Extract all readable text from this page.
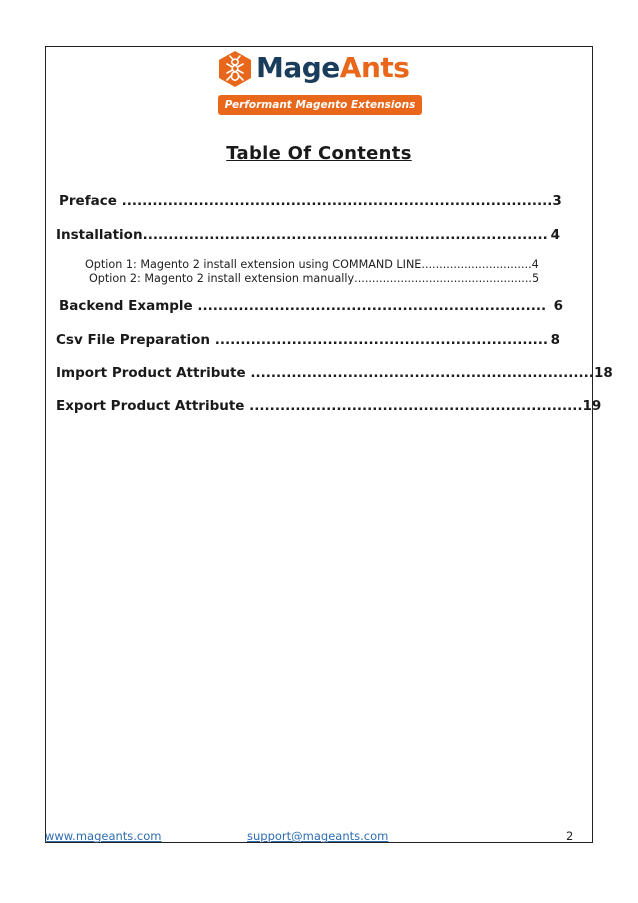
MageAnts
Performant Magento Extensions
Table Of Contents
Preface .................................................................................... 3
Installation ............................................................................... 4
Option 1: Magento 2 install extension using COMMAND LINE ............................... 4
Option 2: Magento 2 install extension manually .................................................. 5
Backend Example .................................................................... 6
Csv File Preparation ................................................................. 8
Import Product Attribute ................................................................... 18
Export Product Attribute ................................................................. 19
www.mageants.com	support@mageants.com	2
